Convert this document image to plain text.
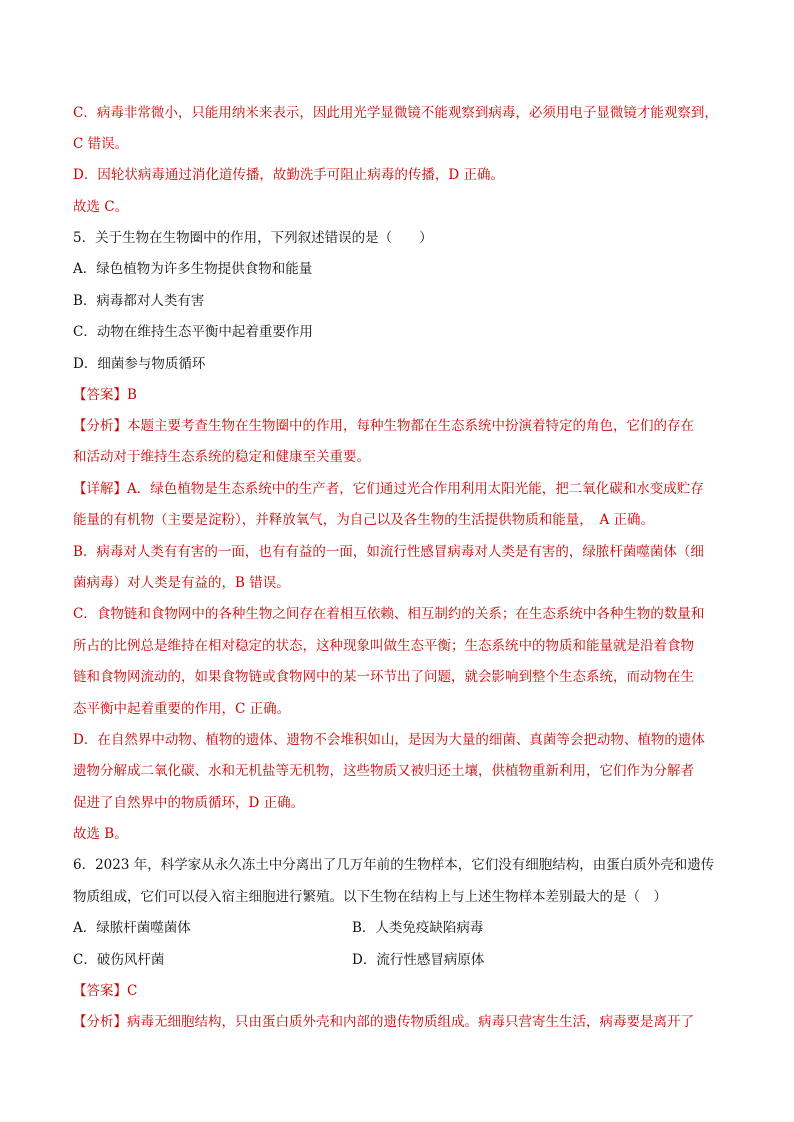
C．病毒非常微小，只能用纳米来表示，因此用光学显微镜不能观察到病毒，必须用电子显微镜才能观察到，
C 错误。
D．因轮状病毒通过消化道传播，故勤洗手可阻止病毒的传播，D 正确。
故选 C。
5．关于生物在生物圈中的作用，下列叙述错误的是（　　）
A．绿色植物为许多生物提供食物和能量
B．病毒都对人类有害
C．动物在维持生态平衡中起着重要作用
D．细菌参与物质循环
【答案】B
【分析】本题主要考查生物在生物圈中的作用，每种生物都在生态系统中扮演着特定的角色，它们的存在
和活动对于维持生态系统的稳定和健康至关重要。
【详解】A．绿色植物是生态系统中的生产者，它们通过光合作用利用太阳光能，把二氧化碳和水变成贮存
能量的有机物（主要是淀粉），并释放氧气，为自己以及各生物的生活提供物质和能量，　A 正确。
B．病毒对人类有有害的一面，也有有益的一面，如流行性感冒病毒对人类是有害的，绿脓杆菌噬菌体（细
菌病毒）对人类是有益的，B 错误。
C．食物链和食物网中的各种生物之间存在着相互依赖、相互制约的关系；在生态系统中各种生物的数量和
所占的比例总是维持在相对稳定的状态，这种现象叫做生态平衡；生态系统中的物质和能量就是沿着食物
链和食物网流动的，如果食物链或食物网中的某一环节出了问题，就会影响到整个生态系统，而动物在生
态平衡中起着重要的作用，C 正确。
D．在自然界中动物、植物的遗体、遗物不会堆积如山，是因为大量的细菌、真菌等会把动物、植物的遗体
遗物分解成二氧化碳、水和无机盐等无机物，这些物质又被归还土壤，供植物重新利用，它们作为分解者
促进了自然界中的物质循环，D 正确。
故选 B。
6．2023 年，科学家从永久冻土中分离出了几万年前的生物样本，它们没有细胞结构，由蛋白质外壳和遗传
物质组成，它们可以侵入宿主细胞进行繁殖。以下生物在结构上与上述生物样本差别最大的是（　）
A．绿脓杆菌噬菌体	B．人类免疫缺陷病毒
C．破伤风杆菌	D．流行性感冒病原体
【答案】C
【分析】病毒无细胞结构，只由蛋白质外壳和内部的遗传物质组成。病毒只营寄生生活，病毒要是离开了
